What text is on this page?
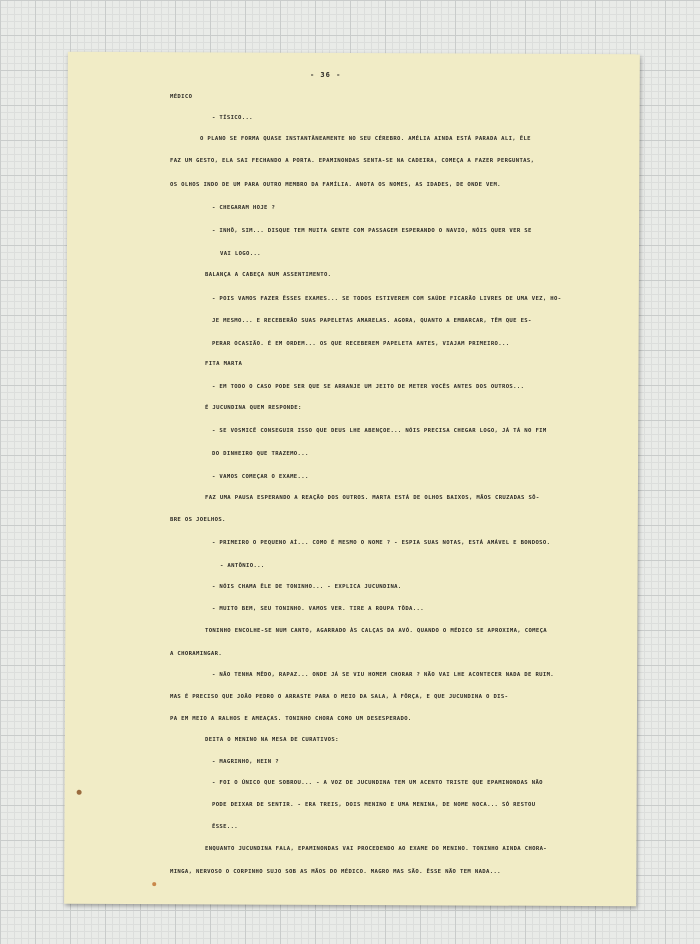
- 36 -
MÉDICO
- TÍSICO...
O PLANO SE FORMA QUASE INSTANTÂNEAMENTE NO SEU CÉREBRO. AMÉLIA AINDA ESTÁ PARADA ALI, ÊLE
FAZ UM GESTO, ELA SAI FECHANDO A PORTA. EPAMINONDAS SENTA-SE NA CADEIRA, COMEÇA A FAZER PERGUNTAS,
OS OLHOS INDO DE UM PARA OUTRO MEMBRO DA FAMÍLIA. ANOTA OS NOMES, AS IDADES, DE ONDE VEM.
- CHEGARAM HOJE ?
- INHÔ, SIM... DISQUE TEM MUITA GENTE COM PASSAGEM ESPERANDO O NAVIO, NÓIS QUER VER SE
VAI LOGO...
BALANÇA A CABEÇA NUM ASSENTIMENTO.
- POIS VAMOS FAZER ÊSSES EXAMES... SE TODOS ESTIVEREM COM SAÚDE FICARÃO LIVRES DE UMA VEZ, HO-
JE MESMO... E RECEBERÃO SUAS PAPELETAS AMARELAS. AGORA, QUANTO A EMBARCAR, TÊM QUE ES-
PERAR OCASIÃO. É EM ORDEM... OS QUE RECEBEREM PAPELETA ANTES, VIAJAM PRIMEIRO...
FITA MARTA
- EM TODO O CASO PODE SER QUE SE ARRANJE UM JEITO DE METER VOCÊS ANTES DOS OUTROS...
É JUCUNDINA QUEM RESPONDE:
- SE VOSMICÊ CONSEGUIR ISSO QUE DEUS LHE ABENÇOE... NÓIS PRECISA CHEGAR LOGO, JÁ TÁ NO FIM
DO DINHEIRO QUE TRAZEMO...
- VAMOS COMEÇAR O EXAME...
FAZ UMA PAUSA ESPERANDO A REAÇÃO DOS OUTROS. MARTA ESTÁ DE OLHOS BAIXOS, MÃOS CRUZADAS SÔ-
BRE OS JOELHOS.
- PRIMEIRO O PEQUENO AÍ... COMO É MESMO O NOME ? - ESPIA SUAS NOTAS, ESTÁ AMÁVEL E BONDOSO.
- ANTÔNIO...
- NÓIS CHAMA ÊLE DE TONINHO... - EXPLICA JUCUNDINA.
- MUITO BEM, SEU TONINHO. VAMOS VER. TIRE A ROUPA TÔDA...
TONINHO ENCOLHE-SE NUM CANTO, AGARRADO ÀS CALÇAS DA AVÓ. QUANDO O MÉDICO SE APROXIMA, COMEÇA
A CHORAMINGAR.
- NÃO TENHA MÊDO, RAPAZ... ONDE JÁ SE VIU HOMEM CHORAR ? NÃO VAI LHE ACONTECER NADA DE RUIM.
MAS É PRECISO QUE JOÃO PEDRO O ARRASTE PARA O MEIO DA SALA, À FÔRÇA, E QUE JUCUNDINA O DIS-
PA EM MEIO A RALHOS E AMEAÇAS. TONINHO CHORA COMO UM DESESPERADO.
DEITA O MENINO NA MESA DE CURATIVOS:
- MAGRINHO, HEIN ?
- FOI O ÚNICO QUE SOBROU... - A VOZ DE JUCUNDINA TEM UM ACENTO TRISTE QUE EPAMINONDAS NÃO
PODE DEIXAR DE SENTIR. - ERA TREIS, DOIS MENINO E UMA MENINA, DE NOME NOCA... SÓ RESTOU
ÊSSE...
ENQUANTO JUCUNDINA FALA, EPAMINONDAS VAI PROCEDENDO AO EXAME DO MENINO. TONINHO AINDA CHORA-
MINGA, NERVOSO O CORPINHO SUJO SOB AS MÃOS DO MÉDICO. MAGRO MAS SÃO. ÊSSE NÃO TEM NADA...
